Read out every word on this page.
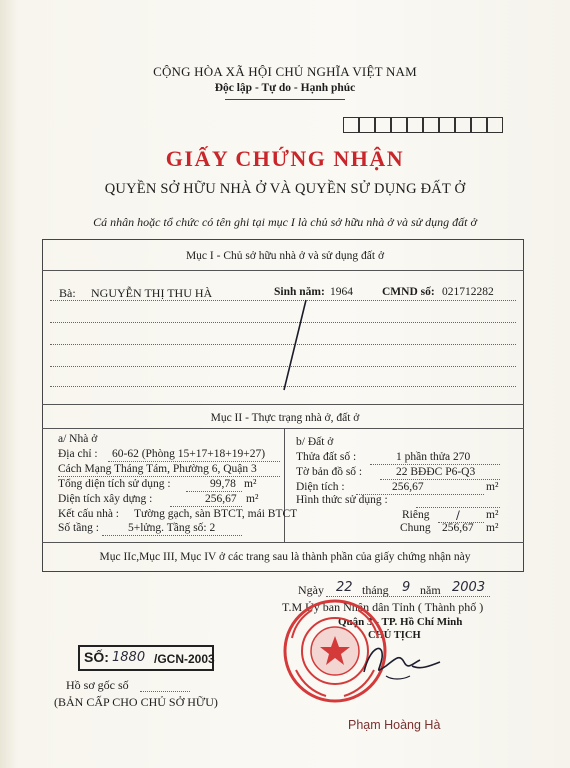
CỘNG HÒA XÃ HỘI CHỦ NGHĨA VIỆT NAM
Độc lập - Tự do - Hạnh phúc
GIẤY CHỨNG NHẬN
QUYỀN SỞ HỮU NHÀ Ở VÀ QUYỀN SỬ DỤNG ĐẤT Ở
Cá nhân hoặc tổ chức có tên ghi tại mục I là chủ sở hữu nhà ở và sử dụng đất ở
Mục I - Chủ sở hữu nhà ở và sử dụng đất ở
Bà: NGUYỄN THỊ THU HÀ	Sinh năm: 1964	CMND số: 021712282
Mục II - Thực trạng nhà ở, đất ở
a/ Nhà ở
Địa chỉ : 60-62 (Phòng 15+17+18+19+27)
Cách Mạng Tháng Tám, Phường 6, Quận 3
Tổng diện tích sử dụng :	99,78 m²
Diện tích xây dựng :	256,67 m²
Kết cấu nhà : Tường gạch, sàn BTCT, mái BTCT
Số tầng :	5+lửng. Tầng số: 2
b/ Đất ở
Thửa đất số :	1 phần thửa 270
Tờ bản đồ số :	22 BĐĐC P6-Q3
Diện tích :	256,67	m²
Hình thức sử dụng :
Riêng / m²
Chung 256,67 m²
Mục IIc,Mục III, Mục IV ở các trang sau là thành phần của giấy chứng nhận này
Ngày 22 tháng 9 năm 2003
T.M Ủy ban Nhân dân Tỉnh ( Thành phố )
Quận 3 - TP. Hồ Chí Minh
CHỦ TỊCH
Phạm Hoàng Hà
SỐ: 1880 /GCN-2003
Hồ sơ gốc số
(BẢN CẤP CHO CHỦ SỞ HỮU)
